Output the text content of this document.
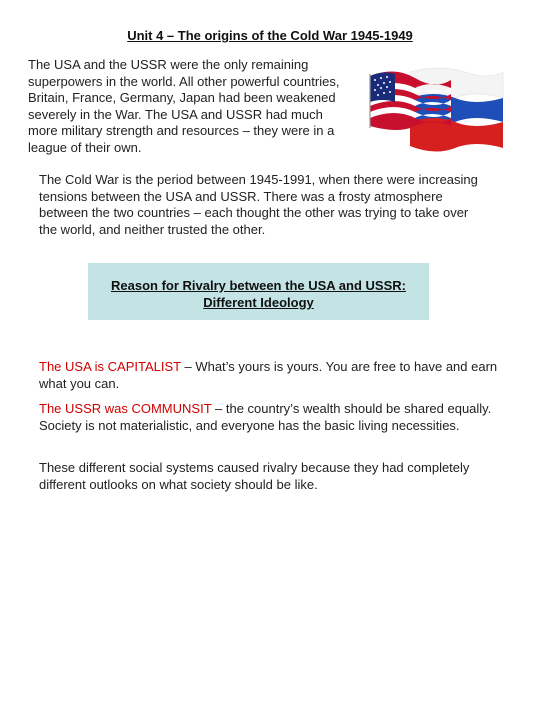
Unit 4 – The origins of the Cold War 1945-1949

The USA and the USSR were the only remaining superpowers in the world. All other powerful countries, Britain, France, Germany, Japan had been weakened severely in the War. The USA and USSR had much more military strength and resources – they were in a league of their own.

The Cold War is the period between 1945-1991, when there were increasing tensions between the USA and USSR. There was a frosty atmosphere between the two countries – each thought the other was trying to take over the world, and neither trusted the other.

Reason for Rivalry between the USA and USSR:
Different Ideology

The USA is CAPITALIST – What’s yours is yours. You are free to have and earn what you can.

The USSR was COMMUNSIT – the country’s wealth should be shared equally. Society is not materialistic, and everyone has the basic living necessities.

These different social systems caused rivalry because they had completely different outlooks on what society should be like.
